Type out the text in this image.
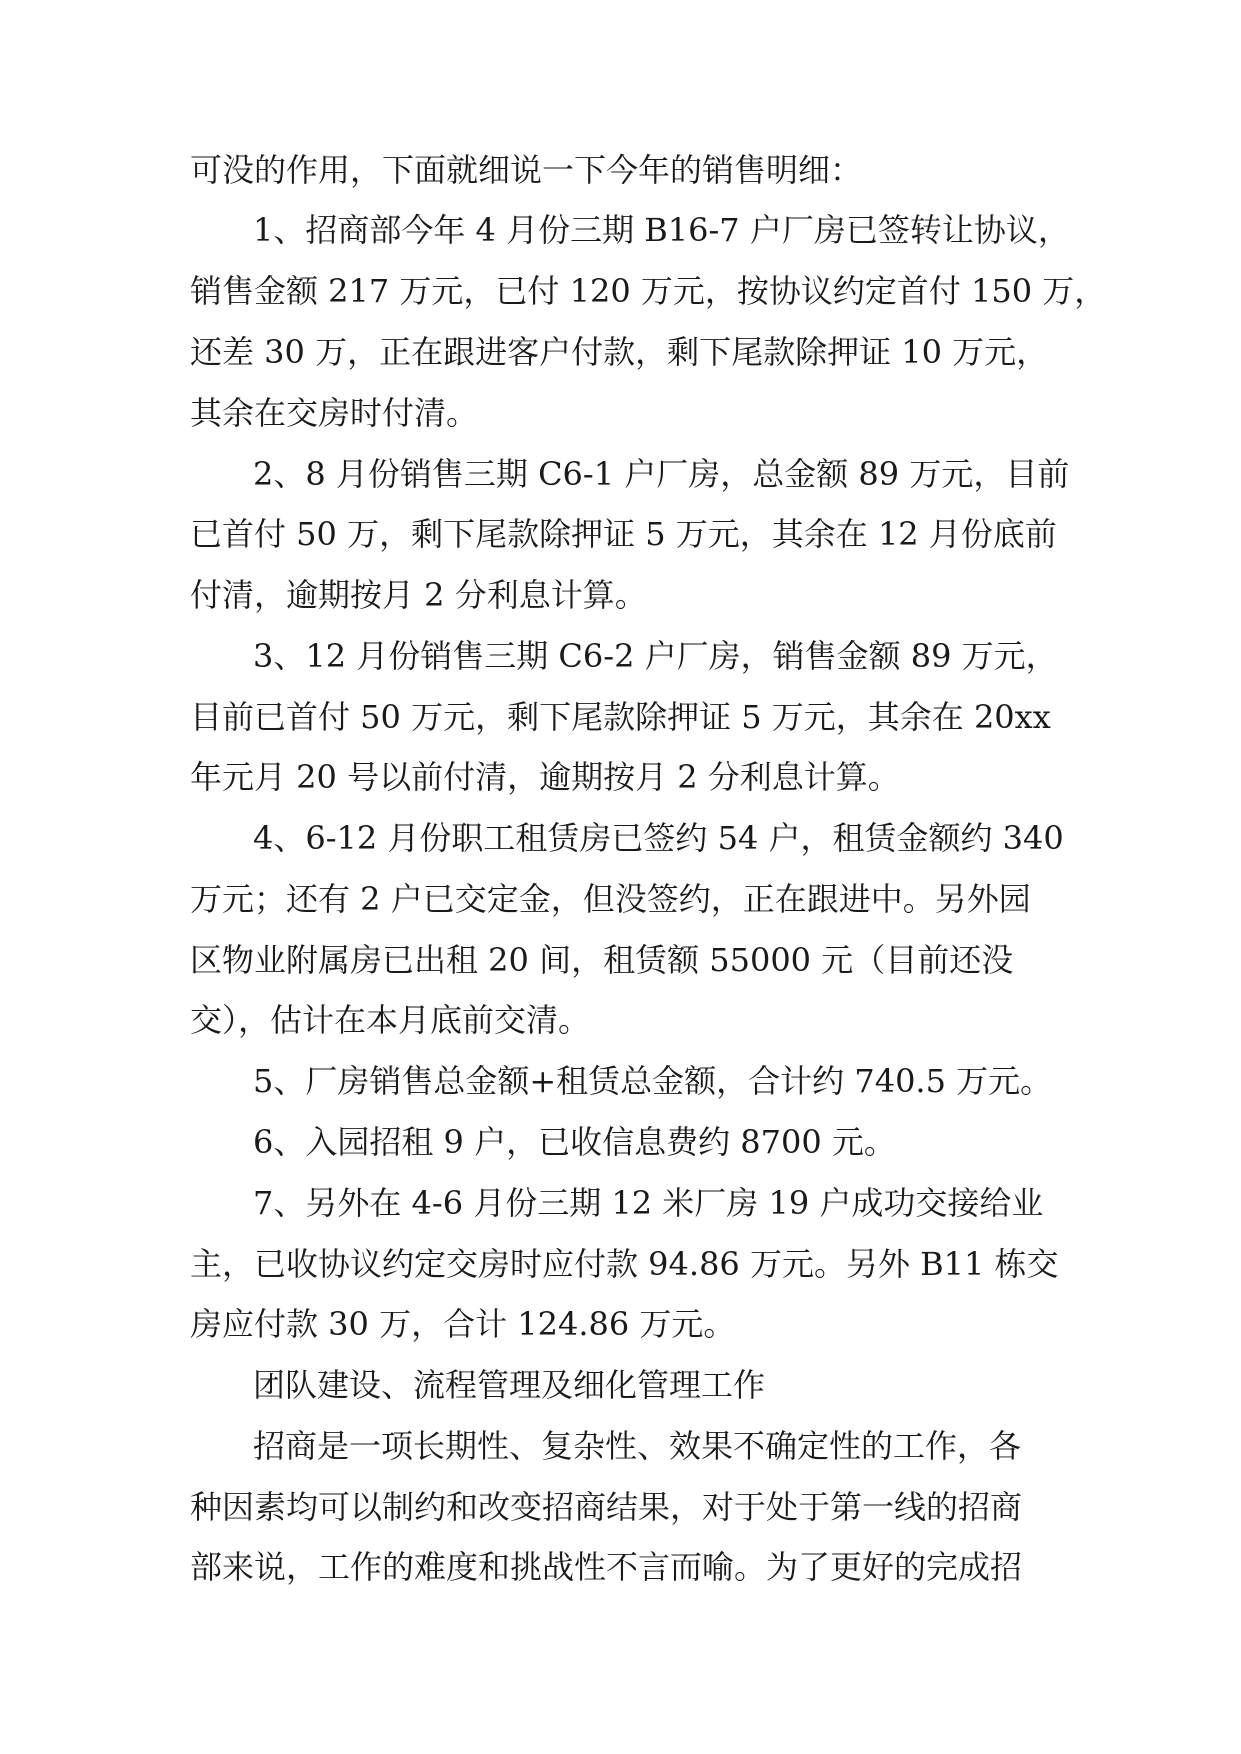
可没的作用，下面就细说一下今年的销售明细：
1、招商部今年 4 月份三期 B16-7 户厂房已签转让协议，
销售金额 217 万元，已付 120 万元，按协议约定首付 150 万，
还差 30 万，正在跟进客户付款，剩下尾款除押证 10 万元，
其余在交房时付清。
2、8 月份销售三期 C6-1 户厂房，总金额 89 万元，目前
已首付 50 万，剩下尾款除押证 5 万元，其余在 12 月份底前
付清，逾期按月 2 分利息计算。
3、12 月份销售三期 C6-2 户厂房，销售金额 89 万元，
目前已首付 50 万元，剩下尾款除押证 5 万元，其余在 20xx
年元月 20 号以前付清，逾期按月 2 分利息计算。
4、6-12 月份职工租赁房已签约 54 户，租赁金额约 340
万元；还有 2 户已交定金，但没签约，正在跟进中。另外园
区物业附属房已出租 20 间，租赁额 55000 元（目前还没
交），估计在本月底前交清。
5、厂房销售总金额+租赁总金额，合计约 740.5 万元。
6、入园招租 9 户，已收信息费约 8700 元。
7、另外在 4-6 月份三期 12 米厂房 19 户成功交接给业
主，已收协议约定交房时应付款 94.86 万元。另外 B11 栋交
房应付款 30 万，合计 124.86 万元。
团队建设、流程管理及细化管理工作
招商是一项长期性、复杂性、效果不确定性的工作，各
种因素均可以制约和改变招商结果，对于处于第一线的招商
部来说，工作的难度和挑战性不言而喻。为了更好的完成招
